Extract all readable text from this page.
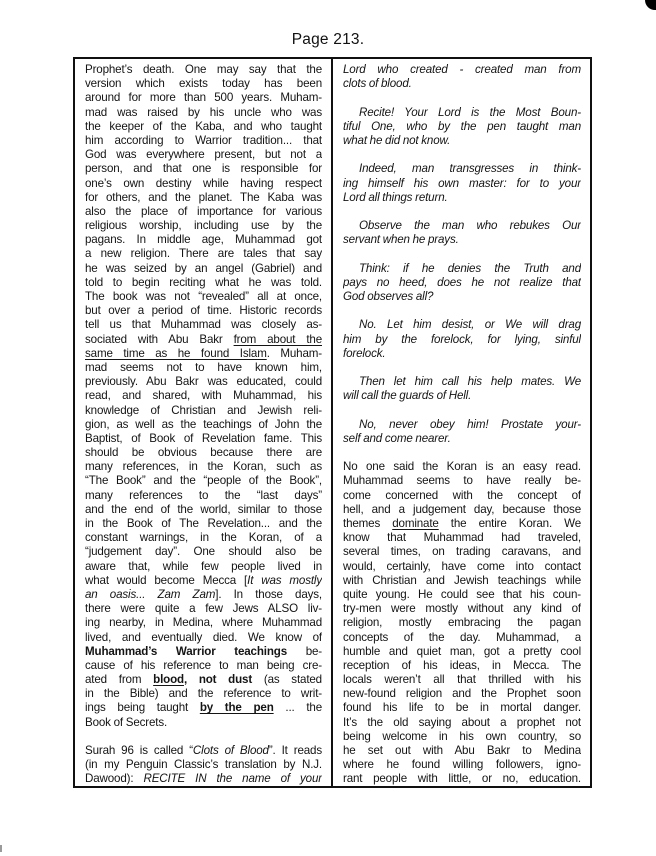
Page 213.
Prophet’s death. One may say that the
version which exists today has been
around for more than 500 years. Muham-
mad was raised by his uncle who was
the keeper of the Kaba, and who taught
him according to Warrior tradition... that
God was everywhere present, but not a
person, and that one is responsible for
one’s own destiny while having respect
for others, and the planet. The Kaba was
also the place of importance for various
religious worship, including use by the
pagans. In middle age, Muhammad got
a new religion. There are tales that say
he was seized by an angel (Gabriel) and
told to begin reciting what he was told.
The book was not “revealed” all at once,
but over a period of time. Historic records
tell us that Muhammad was closely as-
sociated with Abu Bakr from about the
same time as he found Islam. Muham-
mad seems not to have known him,
previously. Abu Bakr was educated, could
read, and shared, with Muhammad, his
knowledge of Christian and Jewish reli-
gion, as well as the teachings of John the
Baptist, of Book of Revelation fame. This
should be obvious because there are
many references, in the Koran, such as
“The Book” and the “people of the Book”,
many references to the “last days”
and the end of the world, similar to those
in the Book of The Revelation... and the
constant warnings, in the Koran, of a
“judgement day”. One should also be
aware that, while few people lived in
what would become Mecca [It was mostly
an oasis... Zam Zam]. In those days,
there were quite a few Jews ALSO liv-
ing nearby, in Medina, where Muhammad
lived, and eventually died. We know of
Muhammad’s Warrior teachings be-
cause of his reference to man being cre-
ated from blood, not dust (as stated
in the Bible) and the reference to writ-
ings being taught by the pen ... the
Book of Secrets.

Surah 96 is called “Clots of Blood”. It reads
(in my Penguin Classic’s translation by N.J.
Dawood): RECITE IN the name of your
Lord who created - created man from
clots of blood.

Recite! Your Lord is the Most Boun-
tiful One, who by the pen taught man
what he did not know.

Indeed, man transgresses in think-
ing himself his own master: for to your
Lord all things return.

Observe the man who rebukes Our
servant when he prays.

Think: if he denies the Truth and
pays no heed, does he not realize that
God observes all?

No. Let him desist, or We will drag
him by the forelock, for lying, sinful
forelock.

Then let him call his help mates. We
will call the guards of Hell.

No, never obey him! Prostate your-
self and come nearer.

No one said the Koran is an easy read.
Muhammad seems to have really be-
come concerned with the concept of
hell, and a judgement day, because those
themes dominate the entire Koran. We
know that Muhammad had traveled,
several times, on trading caravans, and
would, certainly, have come into contact
with Christian and Jewish teachings while
quite young. He could see that his coun-
try-men were mostly without any kind of
religion, mostly embracing the pagan
concepts of the day. Muhammad, a
humble and quiet man, got a pretty cool
reception of his ideas, in Mecca. The
locals weren’t all that thrilled with his
new-found religion and the Prophet soon
found his life to be in mortal danger.
It’s the old saying about a prophet not
being welcome in his own country, so
he set out with Abu Bakr to Medina
where he found willing followers, igno-
rant people with little, or no, education.
